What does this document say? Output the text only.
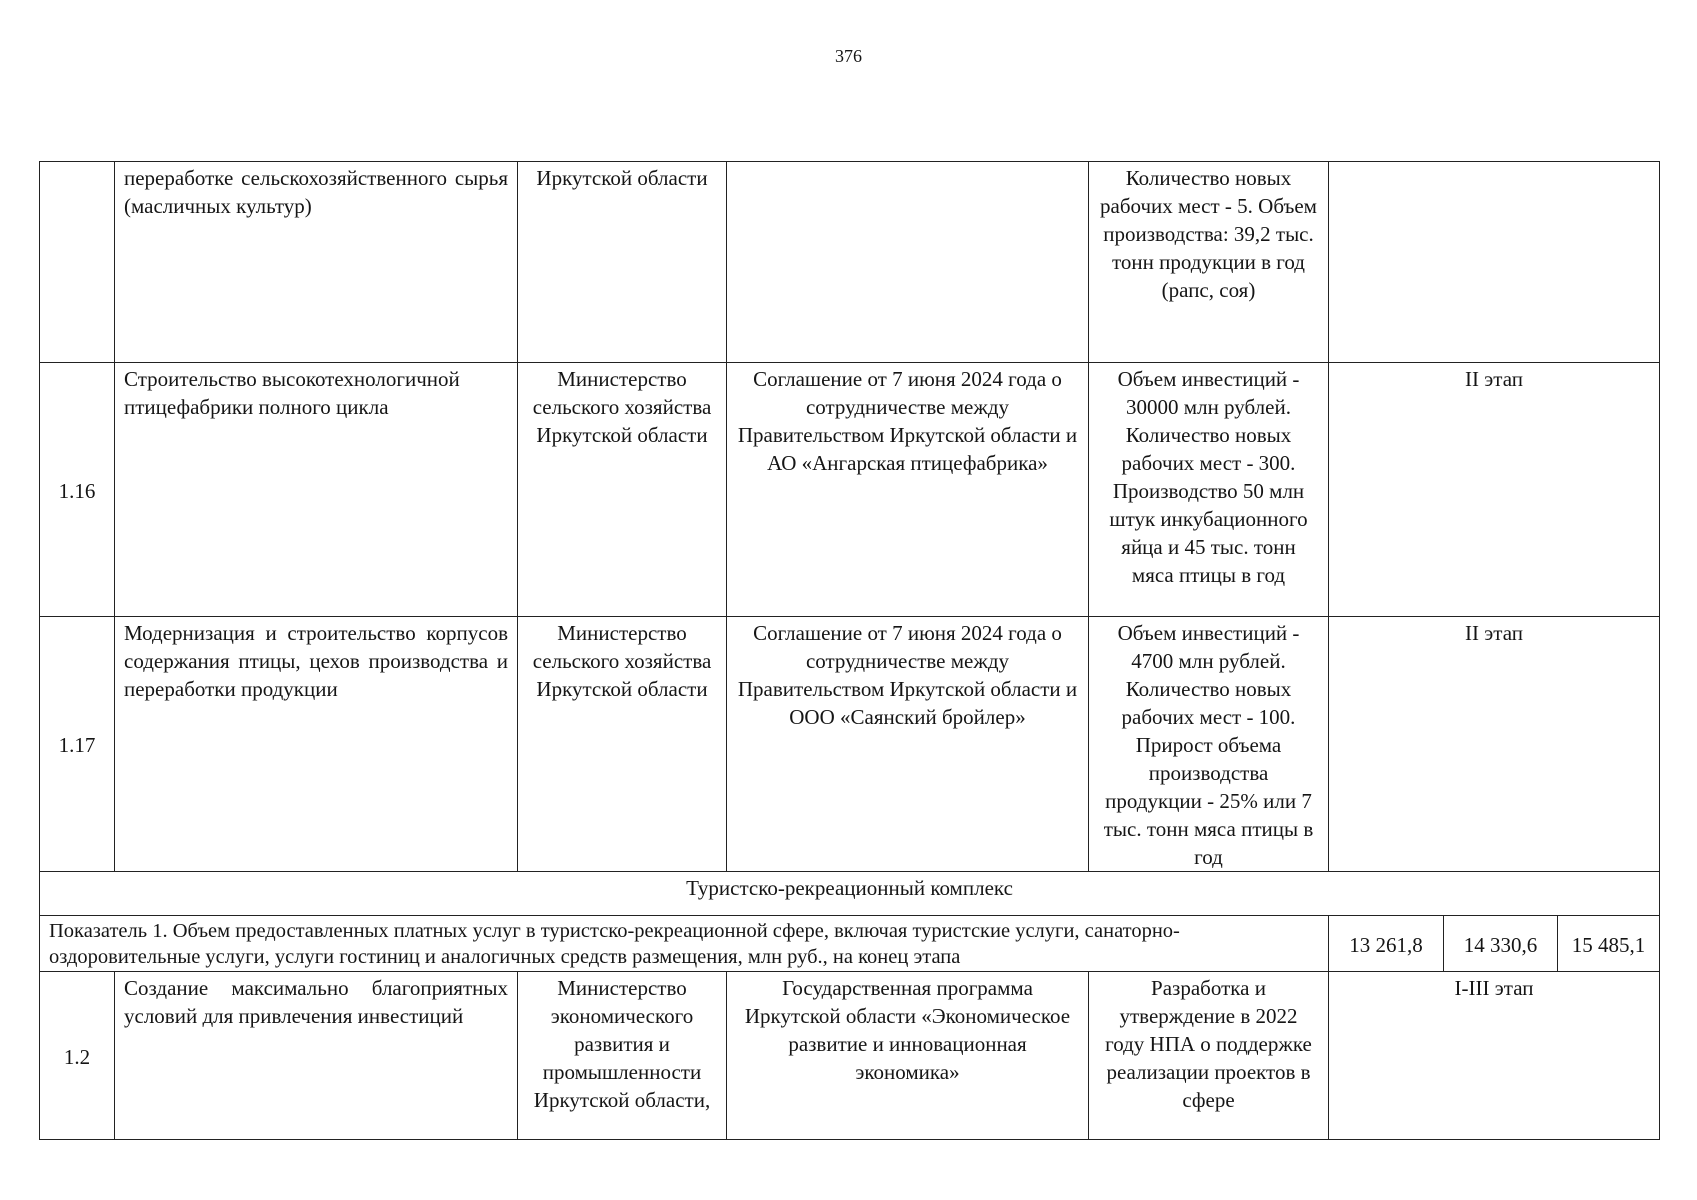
376
	переработке сельскохозяйственного сырья (масличных культур)	Иркутской области		Количество новых рабочих мест - 5. Объем производства: 39,2 тыс. тонн продукции в год (рапс, соя)			
1.16	Строительство высокотехнологичной птицефабрики полного цикла	Министерство сельского хозяйства Иркутской области	Соглашение от 7 июня 2024 года о сотрудничестве между Правительством Иркутской области и АО «Ангарская птицефабрика»	Объем инвестиций - 30000 млн рублей. Количество новых рабочих мест - 300. Производство 50 млн штук инкубационного яйца и 45 тыс. тонн мяса птицы в год	II этап		
1.17	Модернизация и строительство корпусов содержания птицы, цехов производства и переработки продукции	Министерство сельского хозяйства Иркутской области	Соглашение от 7 июня 2024 года о сотрудничестве между Правительством Иркутской области и ООО «Саянский бройлер»	Объем инвестиций - 4700 млн рублей. Количество новых рабочих мест - 100. Прирост объема производства продукции - 25% или 7 тыс. тонн мяса птицы в год	II этап		
Туристско-рекреационный комплекс							
Показатель 1. Объем предоставленных платных услуг в туристско-рекреационной сфере, включая туристские услуги, санаторно-оздоровительные услуги, услуги гостиниц и аналогичных средств размещения, млн руб., на конец этапа					13 261,8	14 330,6	15 485,1
1.2	Создание максимально благоприятных условий для привлечения инвестиций	Министерство экономического развития и промышленности Иркутской области,	Государственная программа Иркутской области «Экономическое развитие и инновационная экономика»	Разработка и утверждение в 2022 году НПА о поддержке реализации проектов в сфере	I-III этап		
